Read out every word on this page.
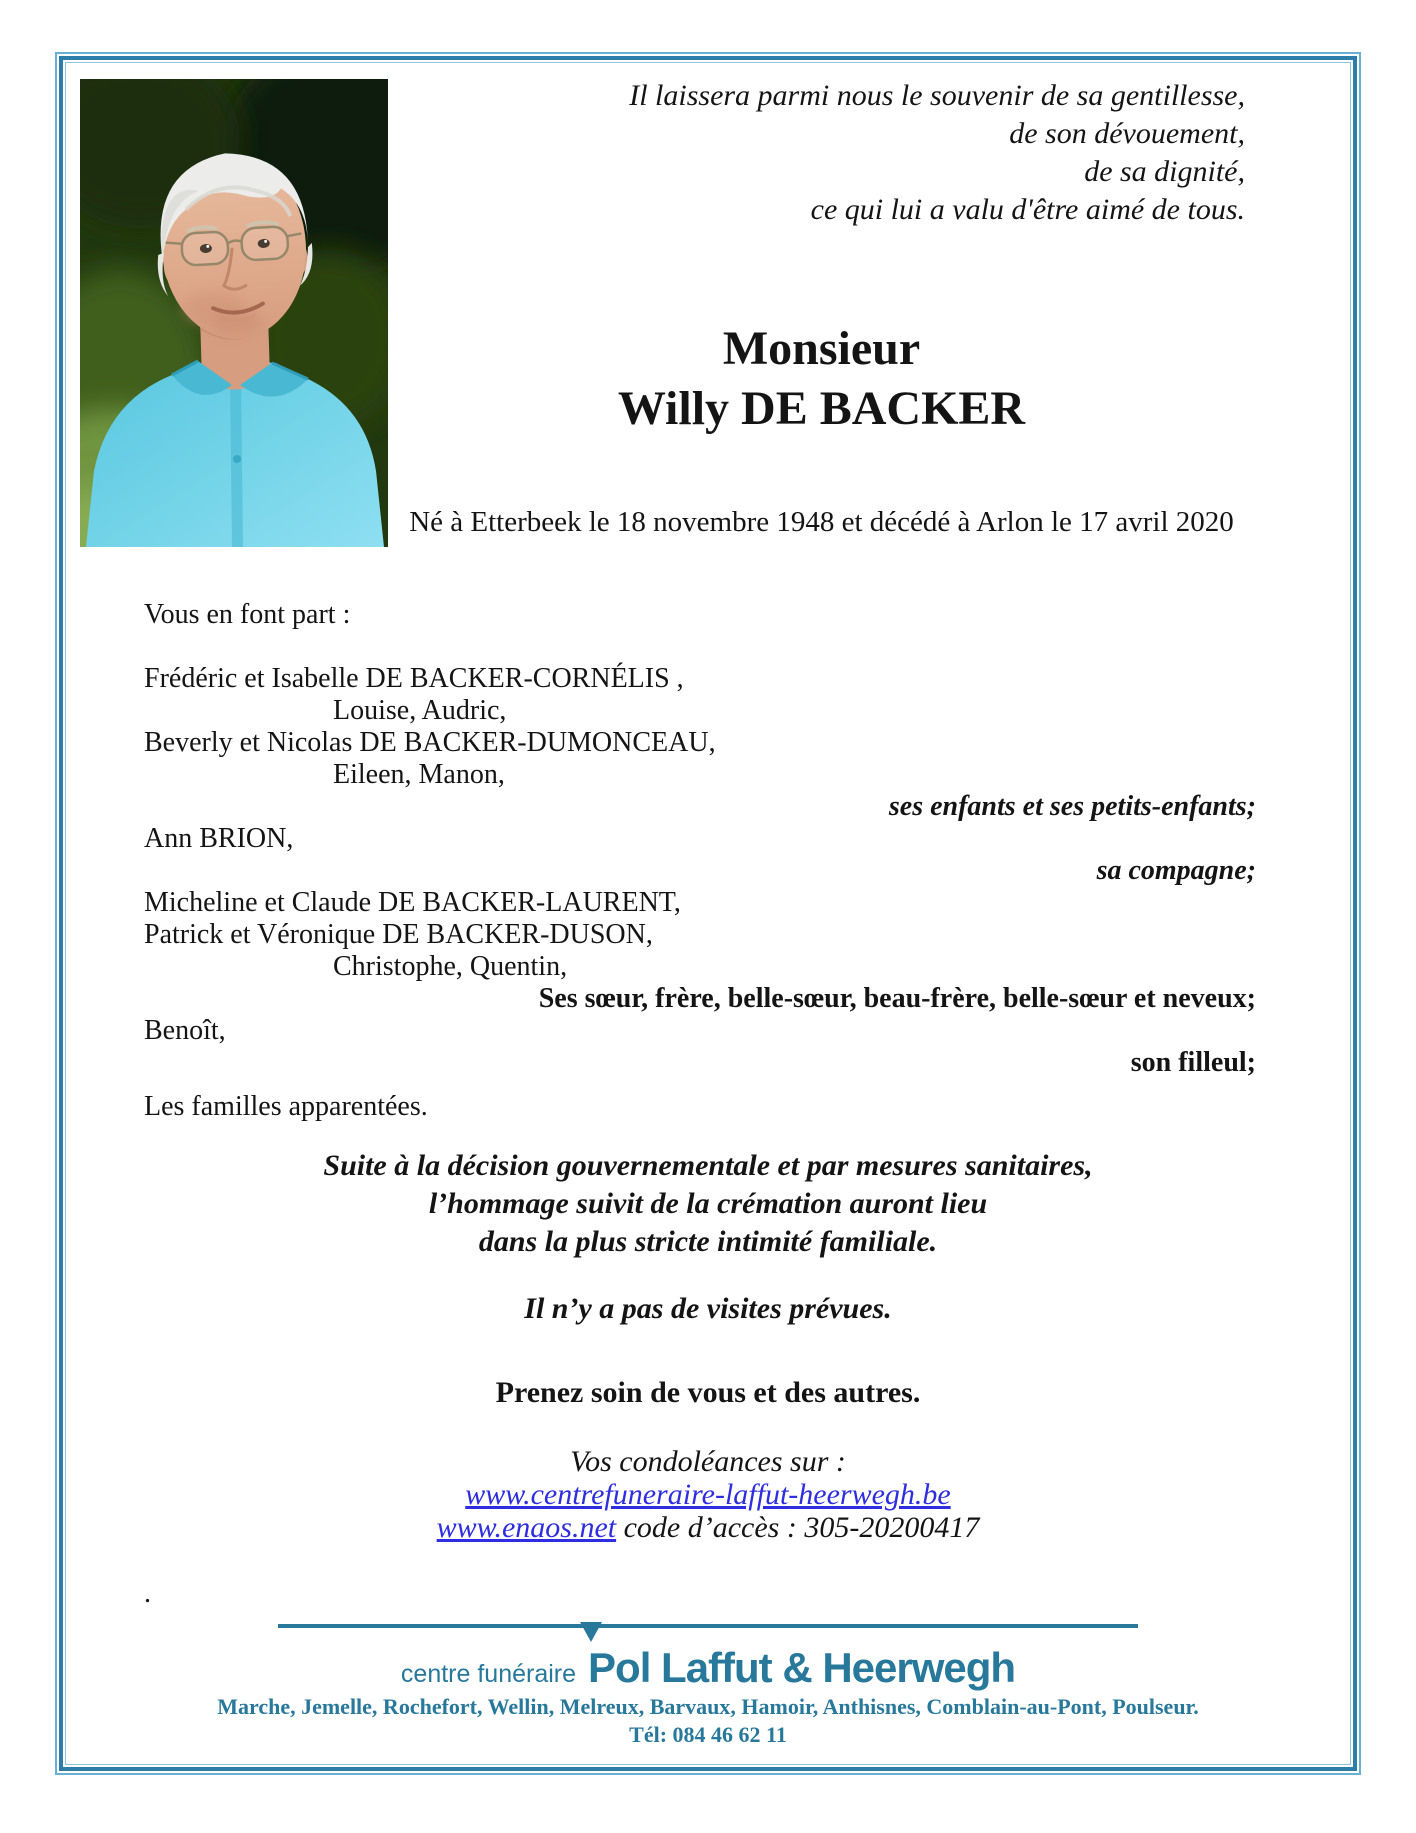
Il laissera parmi nous le souvenir de sa gentillesse,
de son dévouement,
de sa dignité,
ce qui lui a valu d'être aimé de tous.
Monsieur
Willy DE BACKER
Né à Etterbeek le 18 novembre 1948 et décédé à Arlon le 17 avril 2020
Vous en font part :
Frédéric et Isabelle DE BACKER-CORNÉLIS ,
Louise, Audric,
Beverly et Nicolas DE BACKER-DUMONCEAU,
Eileen, Manon,
ses enfants et ses petits-enfants;
Ann BRION,
sa compagne;
Micheline et Claude DE BACKER-LAURENT,
Patrick et Véronique DE BACKER-DUSON,
Christophe, Quentin,
Ses sœur, frère, belle-sœur, beau-frère, belle-sœur et neveux;
Benoît,
son filleul;
Les familles apparentées.
Suite à la décision gouvernementale et par mesures sanitaires,
l’hommage suivit de la crémation auront lieu
dans la plus stricte intimité familiale.
Il n’y a pas de visites prévues.
Prenez soin de vous et des autres.
Vos condoléances sur :
www.centrefuneraire-laffut-heerwegh.be
www.enaos.net code d’accès : 305-20200417
.
centre funéraire Pol Laffut & Heerwegh
Marche, Jemelle, Rochefort, Wellin, Melreux, Barvaux, Hamoir, Anthisnes, Comblain-au-Pont, Poulseur.
Tél: 084 46 62 11
